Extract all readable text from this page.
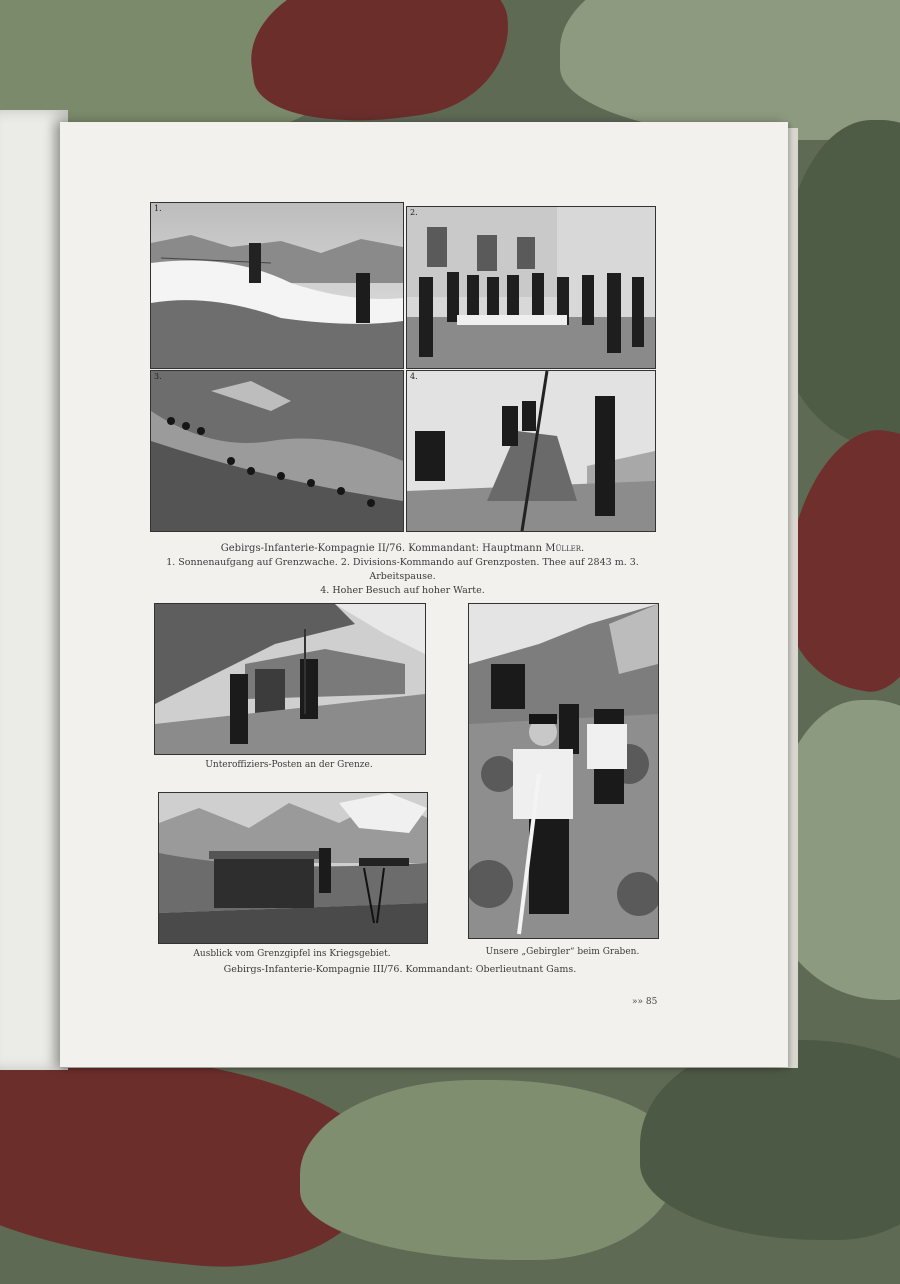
1.	2.
3.	4.
Gebirgs-Infanterie-Kompagnie II/76. Kommandant: Hauptmann Müller.
1. Sonnenaufgang auf Grenzwache. 2. Divisions-Kommando auf Grenzposten. Thee auf 2843 m. 3. Arbeitspause.
4. Hoher Besuch auf hoher Warte.
Unteroffiziers-Posten an der Grenze.
Ausblick vom Grenzgipfel ins Kriegsgebiet.	Unsere „Gebirgler“ beim Graben.
Gebirgs-Infanterie-Kompagnie III/76. Kommandant: Oberlieutnant Gams.
»» 85
